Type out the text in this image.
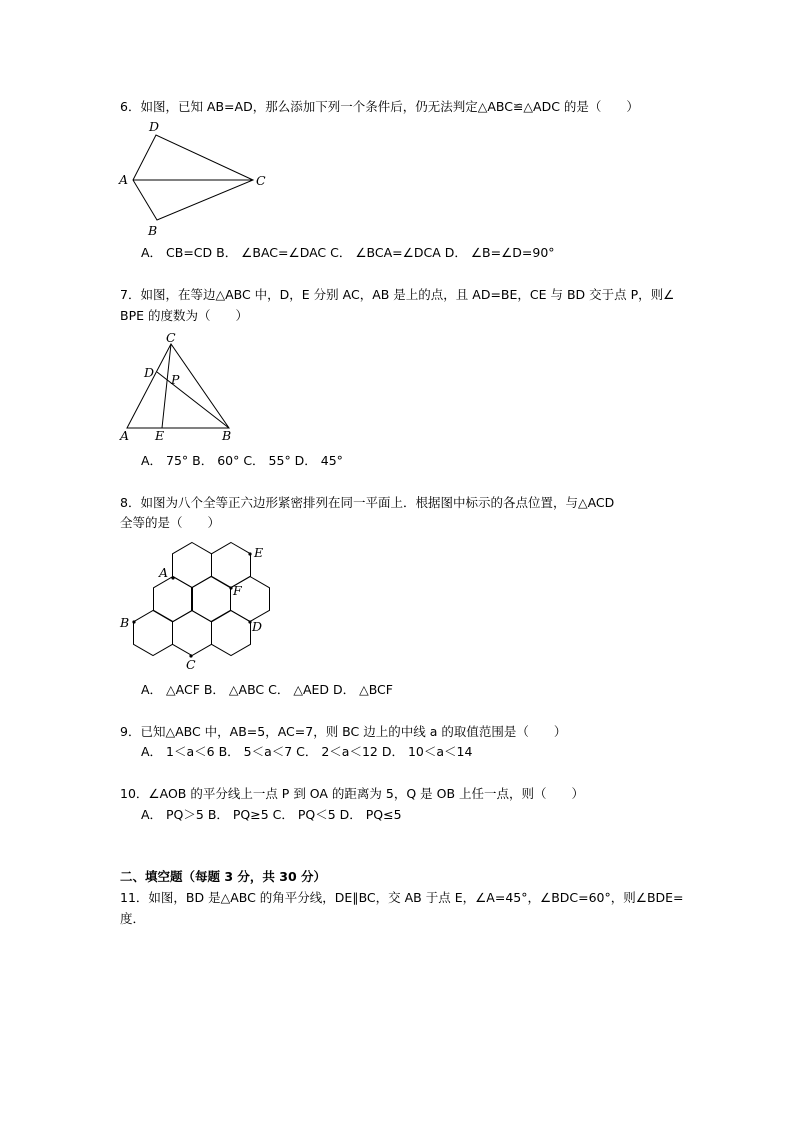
6．如图，已知 AB=AD，那么添加下列一个条件后，仍无法判定△ABC≌△ADC 的是（　　）
D
A	C
B
A． CB=CD B． ∠BAC=∠DAC C． ∠BCA=∠DCA D． ∠B=∠D=90°
7．如图，在等边△ABC 中，D，E 分别 AC，AB 是上的点，且 AD=BE，CE 与 BD 交于点 P，则∠
BPE 的度数为（　　）
C
D P
A E	B
A． 75° B． 60° C． 55° D． 45°
8．如图为八个全等正六边形紧密排列在同一平面上．根据图中标示的各点位置，与△ACD
全等的是（　　）
A
B
C
D
E
F
A． △ACF B． △ABC C． △AED D． △BCF
9．已知△ABC 中，AB=5，AC=7，则 BC 边上的中线 a 的取值范围是（　　）
A． 1＜a＜6 B． 5＜a＜7 C． 2＜a＜12 D． 10＜a＜14
10．∠AOB 的平分线上一点 P 到 OA 的距离为 5，Q 是 OB 上任一点，则（　　）
A． PQ＞5 B． PQ≥5 C． PQ＜5 D． PQ≤5
二、填空题（每题 3 分，共 30 分）
11．如图，BD 是△ABC 的角平分线，DE∥BC，交 AB 于点 E，∠A=45°，∠BDC=60°，则∠BDE=
度．
